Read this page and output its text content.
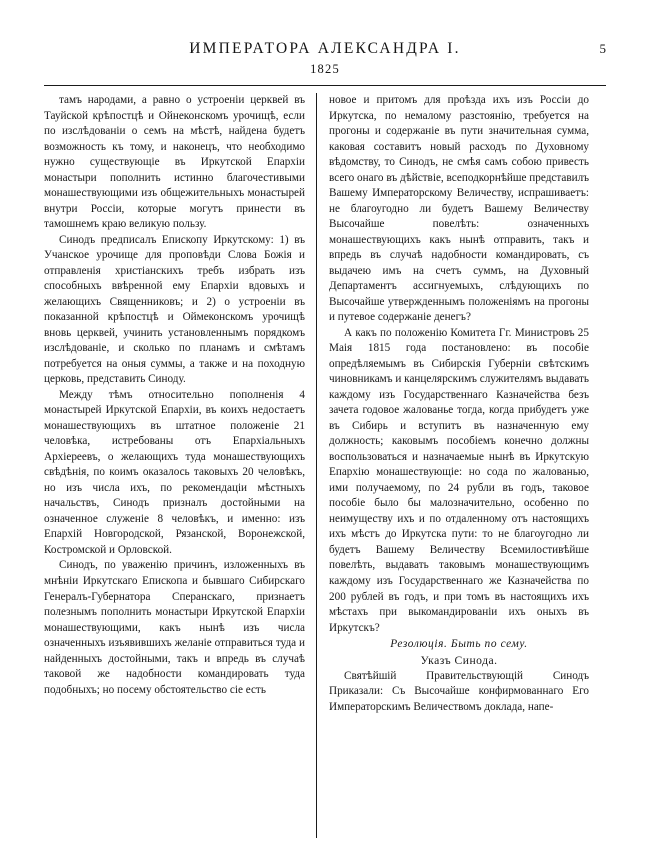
ИМПЕРАТОРА АЛЕКСАНДРА I.	5
1825

тамъ народами, а равно о устроеніи церквей въ Тауйской крѣпостцѣ и Ойнеконскомъ урочищѣ, если по изслѣдованіи о семъ на мѣстѣ, найдена будетъ возможность къ тому, и наконецъ, что необходимо нужно существующіе въ Иркутской Епархіи монастыри пополнить истинно благочестивыми монашествующими изъ общежительныхъ монастырей внутри Россіи, которые могутъ принести въ тамошнемъ краю великую пользу.

Синодъ предписалъ Епископу Иркутскому: 1) въ Учанское урочище для проповѣди Слова Божія и отправленія христіанскихъ требъ избрать изъ способныхъ ввѣренной ему Епархіи вдовыхъ и желающихъ Священниковъ; и 2) о устроеніи въ показанной крѣпостцѣ и Оймеконскомъ урочищѣ вновь церквей, учинить установленнымъ порядкомъ изслѣдованіе, и сколько по планамъ и смѣтамъ потребуется на оныя суммы, а также и на походную церковь, представить Синоду.

Между тѣмъ относительно пополненія 4 монастырей Иркутской Епархіи, въ коихъ недостаетъ монашествующихъ въ штатное положеніе 21 человѣка, истребованы отъ Епархіальныхъ Архіереевъ, о желающихъ туда монашествующихъ свѣдѣнія, по коимъ оказалось таковыхъ 20 человѣкъ, но изъ числа ихъ, по рекомендаціи мѣстныхъ начальствъ, Синодъ призналъ достойными на означенное служеніе 8 человѣкъ, и именно: изъ Епархій Новгородской, Рязанской, Воронежской, Костромской и Орловской.

Синодъ, по уваженію причинъ, изложенныхъ въ мнѣніи Иркутскаго Епископа и бывшаго Сибирскаго Генералъ-Губернатора Сперанскаго, признаетъ полезнымъ пополнить монастыри Иркутской Епархіи монашествующими, какъ нынѣ изъ числа означенныхъ изъявившихъ желаніе отправиться туда и найденныхъ достойными, такъ и впредь въ случаѣ таковой же надобности командировать туда подобныхъ; но посему обстоятельство сіе есть

новое и притомъ для проѣзда ихъ изъ Россіи до Иркутска, по немалому разстоянію, требуется на прогоны и содержаніе въ пути значительная сумма, каковая составитъ новый расходъ по Духовному вѣдомству, то Синодъ, не смѣя самъ собою привесть всего онаго въ дѣйствіе, всеподкорнѣйше представилъ Вашему Императорскому Величеству, испрашиваетъ: не благоугодно ли будетъ Вашему Величеству Высочайше повелѣть: означенныхъ монашествующихъ какъ нынѣ отправить, такъ и впредь въ случаѣ надобности командировать, съ выдачею имъ на счетъ суммъ, на Духовный Департаментъ ассигнуемыхъ, слѣдующихъ по Высочайше утвержденнымъ положеніямъ на прогоны и путевое содержаніе денегъ?

А какъ по положенію Комитета Гг. Министровъ 25 Маія 1815 года постановлено: въ пособіе опредѣляемымъ въ Сибирскія Губерніи свѣтскимъ чиновникамъ и канцелярскимъ служителямъ выдавать каждому изъ Государственнаго Казначейства безъ зачета годовое жалованье тогда, когда прибудетъ уже въ Сибирь и вступитъ въ назначенную ему должность; каковымъ пособіемъ конечно должны воспользоваться и назначаемые нынѣ въ Иркутскую Епархію монашествующіе: но сода по жалованью, ими получаемому, по 24 рубли въ годъ, таковое пособіе было бы малозначительно, особенно по неимуществу ихъ и по отдаленному отъ настоящихъ ихъ мѣстъ до Иркутска пути: то не благоугодно ли будетъ Вашему Величеству Всемилостивѣйше повелѣть, выдавать таковымъ монашествующимъ каждому изъ Государственнаго же Казначейства по 200 рублей въ годъ, и при томъ въ настоящихъ ихъ мѣстахъ при выкомандированіи ихъ оныхъ въ Иркутскъ?

Резолюцiя. Быть по сему.

Указъ Синода.

Святѣйшій Правительствующій Синодъ Приказали: Съ Высочайше конфирмованнаго Его Императорскимъ Величествомъ доклада, напе-
